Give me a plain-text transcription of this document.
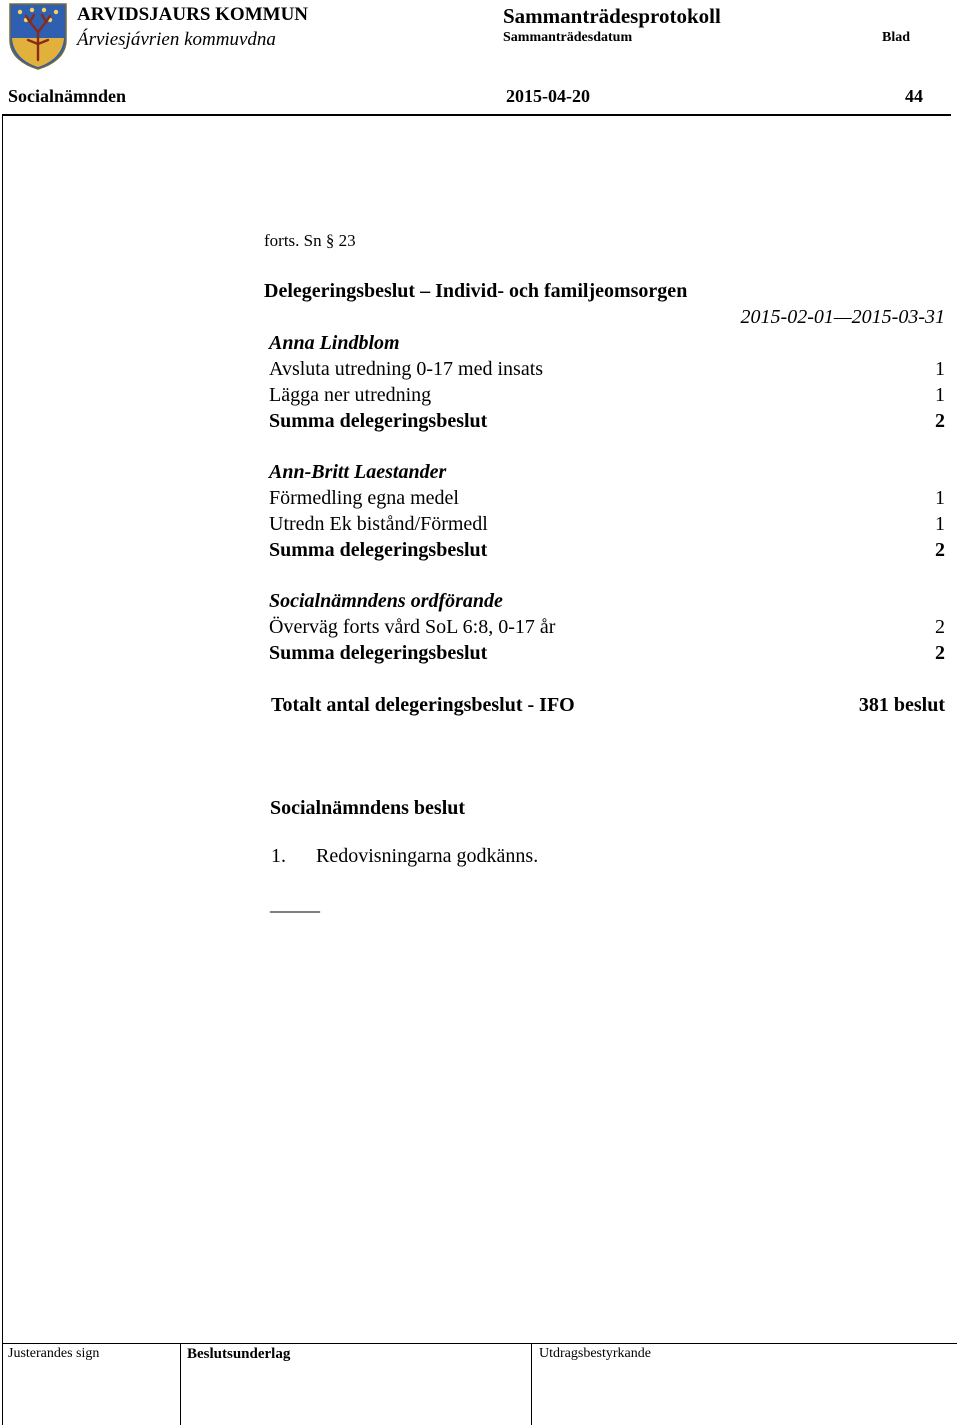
ARVIDSJAURS KOMMUN
Árviesjávrien kommuvdna
Sammanträdesprotokoll
Sammanträdesdatum	Blad
Socialnämnden	2015-04-20	44
forts. Sn § 23
Delegeringsbeslut – Individ- och familjeomsorgen
2015-02-01—2015-03-31
Anna Lindblom
Avsluta utredning 0-17 med insats	1
Lägga ner utredning	1
Summa delegeringsbeslut	2
Ann-Britt Laestander
Förmedling egna medel	1
Utredn Ek bistånd/Förmedl	1
Summa delegeringsbeslut	2
Socialnämndens ordförande
Överväg forts vård SoL 6:8, 0-17 år	2
Summa delegeringsbeslut	2
Totalt antal delegeringsbeslut - IFO	381 beslut
Socialnämndens beslut
1. Redovisningarna godkänns.
_____
Justerandes sign	Beslutsunderlag	Utdragsbestyrkande
